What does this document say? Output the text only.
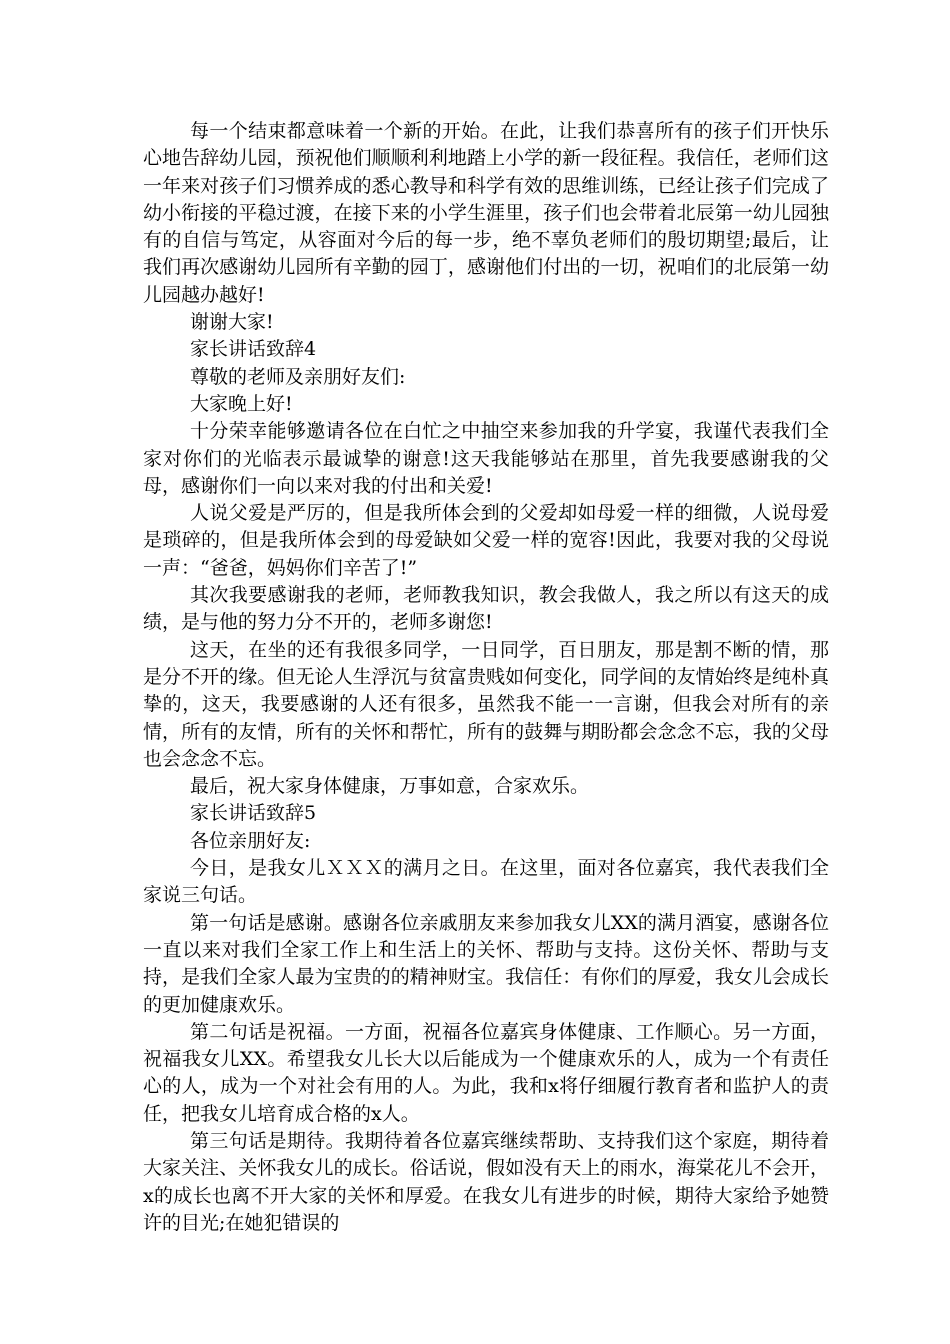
每一个结束都意味着一个新的开始。在此，让我们恭喜所有的孩子们开快乐心地告辞幼儿园，预祝他们顺顺利利地踏上小学的新一段征程。我信任，老师们这一年来对孩子们习惯养成的悉心教导和科学有效的思维训练，已经让孩子们完成了幼小衔接的平稳过渡，在接下来的小学生涯里，孩子们也会带着北辰第一幼儿园独有的自信与笃定，从容面对今后的每一步，绝不辜负老师们的殷切期望;最后，让我们再次感谢幼儿园所有辛勤的园丁，感谢他们付出的一切，祝咱们的北辰第一幼儿园越办越好!

谢谢大家!

家长讲话致辞4

尊敬的老师及亲朋好友们:

大家晚上好!

十分荣幸能够邀请各位在白忙之中抽空来参加我的升学宴，我谨代表我们全家对你们的光临表示最诚挚的谢意!这天我能够站在那里，首先我要感谢我的父母，感谢你们一向以来对我的付出和关爱!

人说父爱是严厉的，但是我所体会到的父爱却如母爱一样的细微，人说母爱是琐碎的，但是我所体会到的母爱缺如父爱一样的宽容!因此，我要对我的父母说一声：“爸爸，妈妈你们辛苦了!”

其次我要感谢我的老师，老师教我知识，教会我做人，我之所以有这天的成绩，是与他的努力分不开的，老师多谢您!

这天，在坐的还有我很多同学，一日同学，百日朋友，那是割不断的情，那是分不开的缘。但无论人生浮沉与贫富贵贱如何变化，同学间的友情始终是纯朴真挚的，这天，我要感谢的人还有很多，虽然我不能一一言谢，但我会对所有的亲情，所有的友情，所有的关怀和帮忙，所有的鼓舞与期盼都会念念不忘，我的父母也会念念不忘。

最后，祝大家身体健康，万事如意，合家欢乐。

家长讲话致辞5

各位亲朋好友:

今日，是我女儿ＸＸＸ的满月之日。在这里，面对各位嘉宾，我代表我们全家说三句话。

第一句话是感谢。感谢各位亲戚朋友来参加我女儿XX的满月酒宴，感谢各位一直以来对我们全家工作上和生活上的关怀、帮助与支持。这份关怀、帮助与支持，是我们全家人最为宝贵的的精神财宝。我信任：有你们的厚爱，我女儿会成长的更加健康欢乐。

第二句话是祝福。一方面，祝福各位嘉宾身体健康、工作顺心。另一方面，祝福我女儿XX。希望我女儿长大以后能成为一个健康欢乐的人，成为一个有责任心的人，成为一个对社会有用的人。为此，我和x将仔细履行教育者和监护人的责任，把我女儿培育成合格的x人。

第三句话是期待。我期待着各位嘉宾继续帮助、支持我们这个家庭，期待着大家关注、关怀我女儿的成长。俗话说，假如没有天上的雨水，海棠花儿不会开，x的成长也离不开大家的关怀和厚爱。在我女儿有进步的时候，期待大家给予她赞许的目光;在她犯错误的
